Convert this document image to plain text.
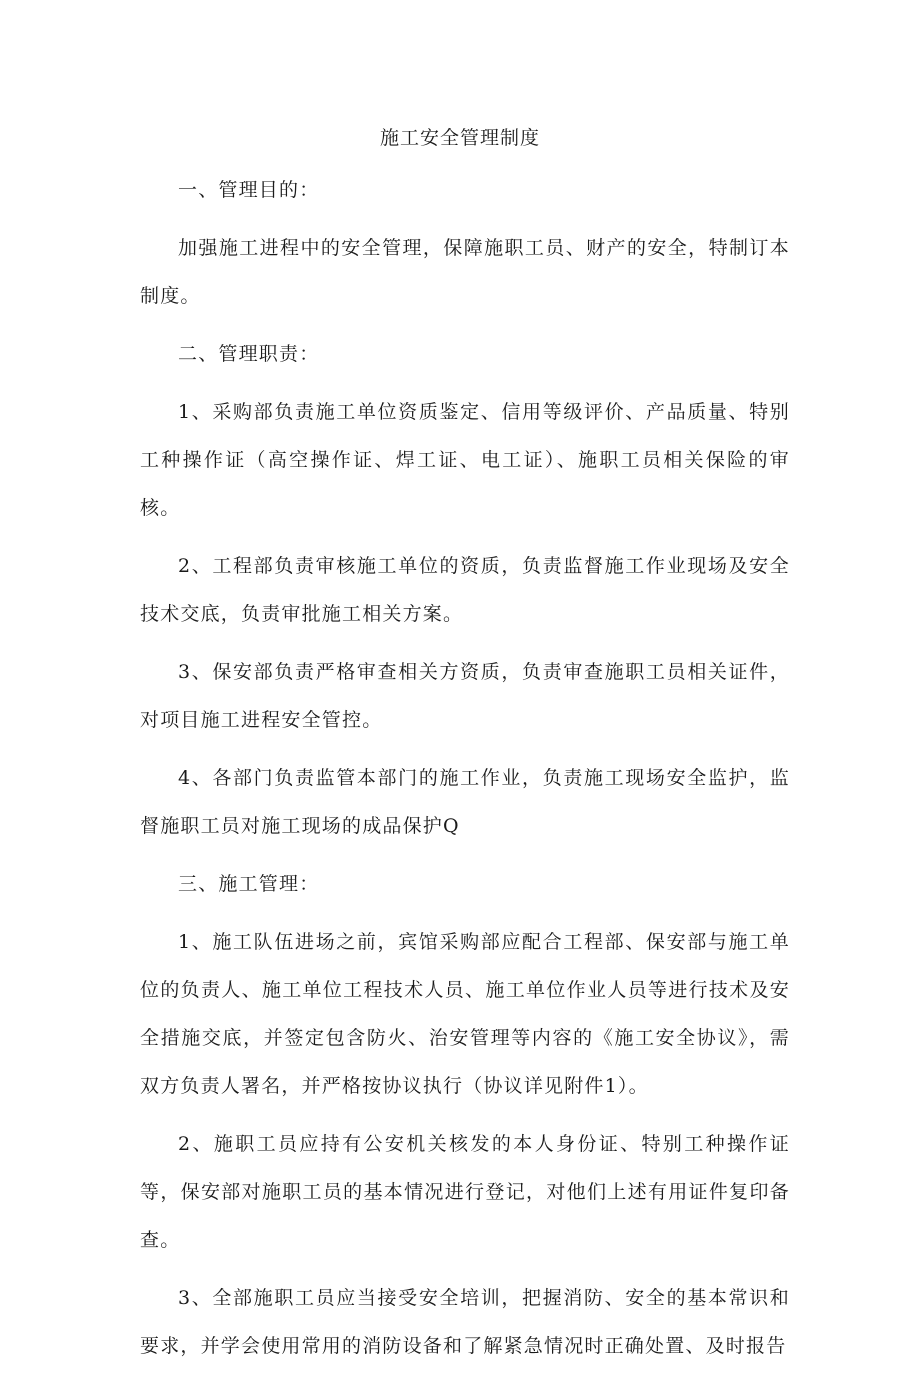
施工安全管理制度
一、管理目的：
加强施工进程中的安全管理，保障施职工员、财产的安全，特制订本制度。
二、管理职责：
1、采购部负责施工单位资质鉴定、信用等级评价、产品质量、特别工种操作证（高空操作证、焊工证、电工证）、施职工员相关保险的审核。
2、工程部负责审核施工单位的资质，负责监督施工作业现场及安全技术交底，负责审批施工相关方案。
3、保安部负责严格审查相关方资质，负责审查施职工员相关证件，对项目施工进程安全管控。
4、各部门负责监管本部门的施工作业，负责施工现场安全监护，监督施职工员对施工现场的成品保护Q
三、施工管理：
1、施工队伍进场之前，宾馆采购部应配合工程部、保安部与施工单位的负责人、施工单位工程技术人员、施工单位作业人员等进行技术及安全措施交底，并签定包含防火、治安管理等内容的《施工安全协议》，需双方负责人署名，并严格按协议执行（协议详见附件1）。
2、施职工员应持有公安机关核发的本人身份证、特别工种操作证等，保安部对施职工员的基本情况进行登记，对他们上述有用证件复印备查。
3、全部施职工员应当接受安全培训，把握消防、安全的基本常识和要求，并学会使用常用的消防设备和了解紧急情况时正确处置、及时报告
